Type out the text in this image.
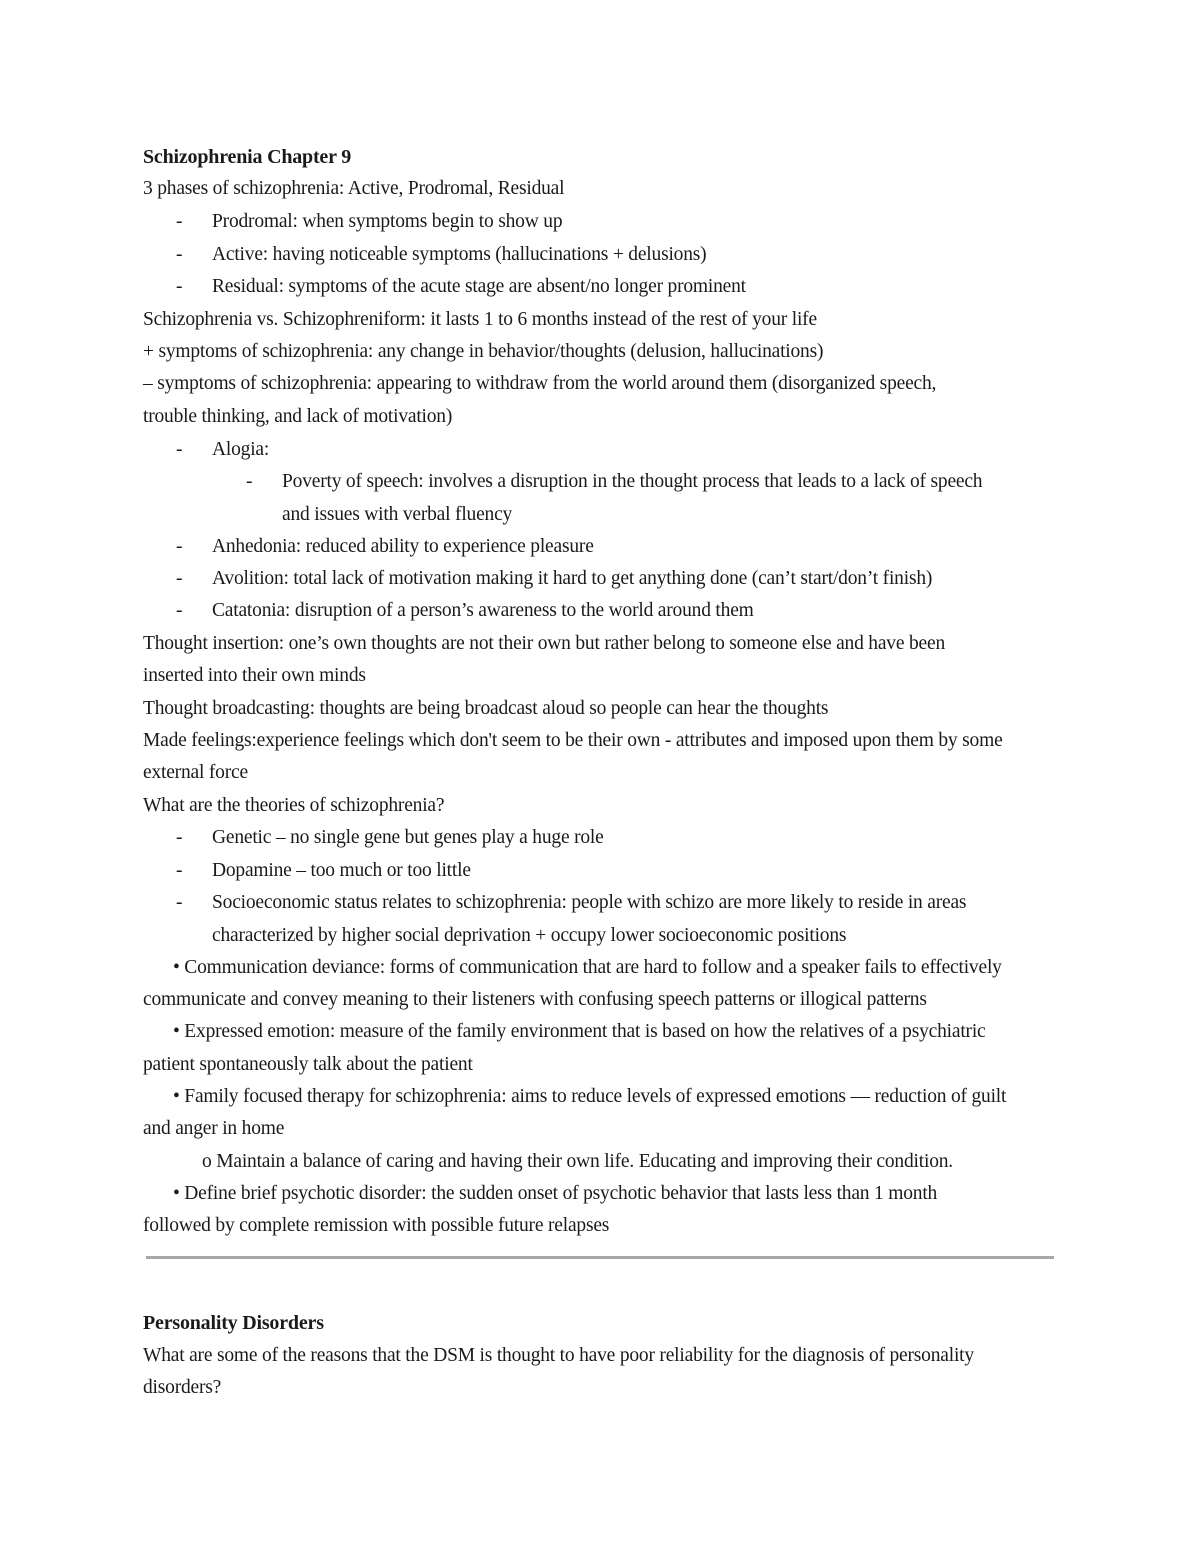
Schizophrenia Chapter 9
3 phases of schizophrenia: Active, Prodromal, Residual
- Prodromal: when symptoms begin to show up
- Active: having noticeable symptoms (hallucinations + delusions)
- Residual: symptoms of the acute stage are absent/no longer prominent
Schizophrenia vs. Schizophreniform: it lasts 1 to 6 months instead of the rest of your life
+ symptoms of schizophrenia: any change in behavior/thoughts (delusion, hallucinations)
– symptoms of schizophrenia: appearing to withdraw from the world around them (disorganized speech,
trouble thinking, and lack of motivation)
- Alogia:
- Poverty of speech: involves a disruption in the thought process that leads to a lack of speech
and issues with verbal fluency
- Anhedonia: reduced ability to experience pleasure
- Avolition: total lack of motivation making it hard to get anything done (can’t start/don’t finish)
- Catatonia: disruption of a person’s awareness to the world around them
Thought insertion: one’s own thoughts are not their own but rather belong to someone else and have been
inserted into their own minds
Thought broadcasting: thoughts are being broadcast aloud so people can hear the thoughts
Made feelings:experience feelings which don't seem to be their own - attributes and imposed upon them by some
external force
What are the theories of schizophrenia?
- Genetic – no single gene but genes play a huge role
- Dopamine – too much or too little
- Socioeconomic status relates to schizophrenia: people with schizo are more likely to reside in areas
characterized by higher social deprivation + occupy lower socioeconomic positions
• Communication deviance: forms of communication that are hard to follow and a speaker fails to effectively
communicate and convey meaning to their listeners with confusing speech patterns or illogical patterns
• Expressed emotion: measure of the family environment that is based on how the relatives of a psychiatric
patient spontaneously talk about the patient
• Family focused therapy for schizophrenia: aims to reduce levels of expressed emotions — reduction of guilt
and anger in home
o Maintain a balance of caring and having their own life. Educating and improving their condition.
• Define brief psychotic disorder: the sudden onset of psychotic behavior that lasts less than 1 month
followed by complete remission with possible future relapses
Personality Disorders
What are some of the reasons that the DSM is thought to have poor reliability for the diagnosis of personality
disorders?
